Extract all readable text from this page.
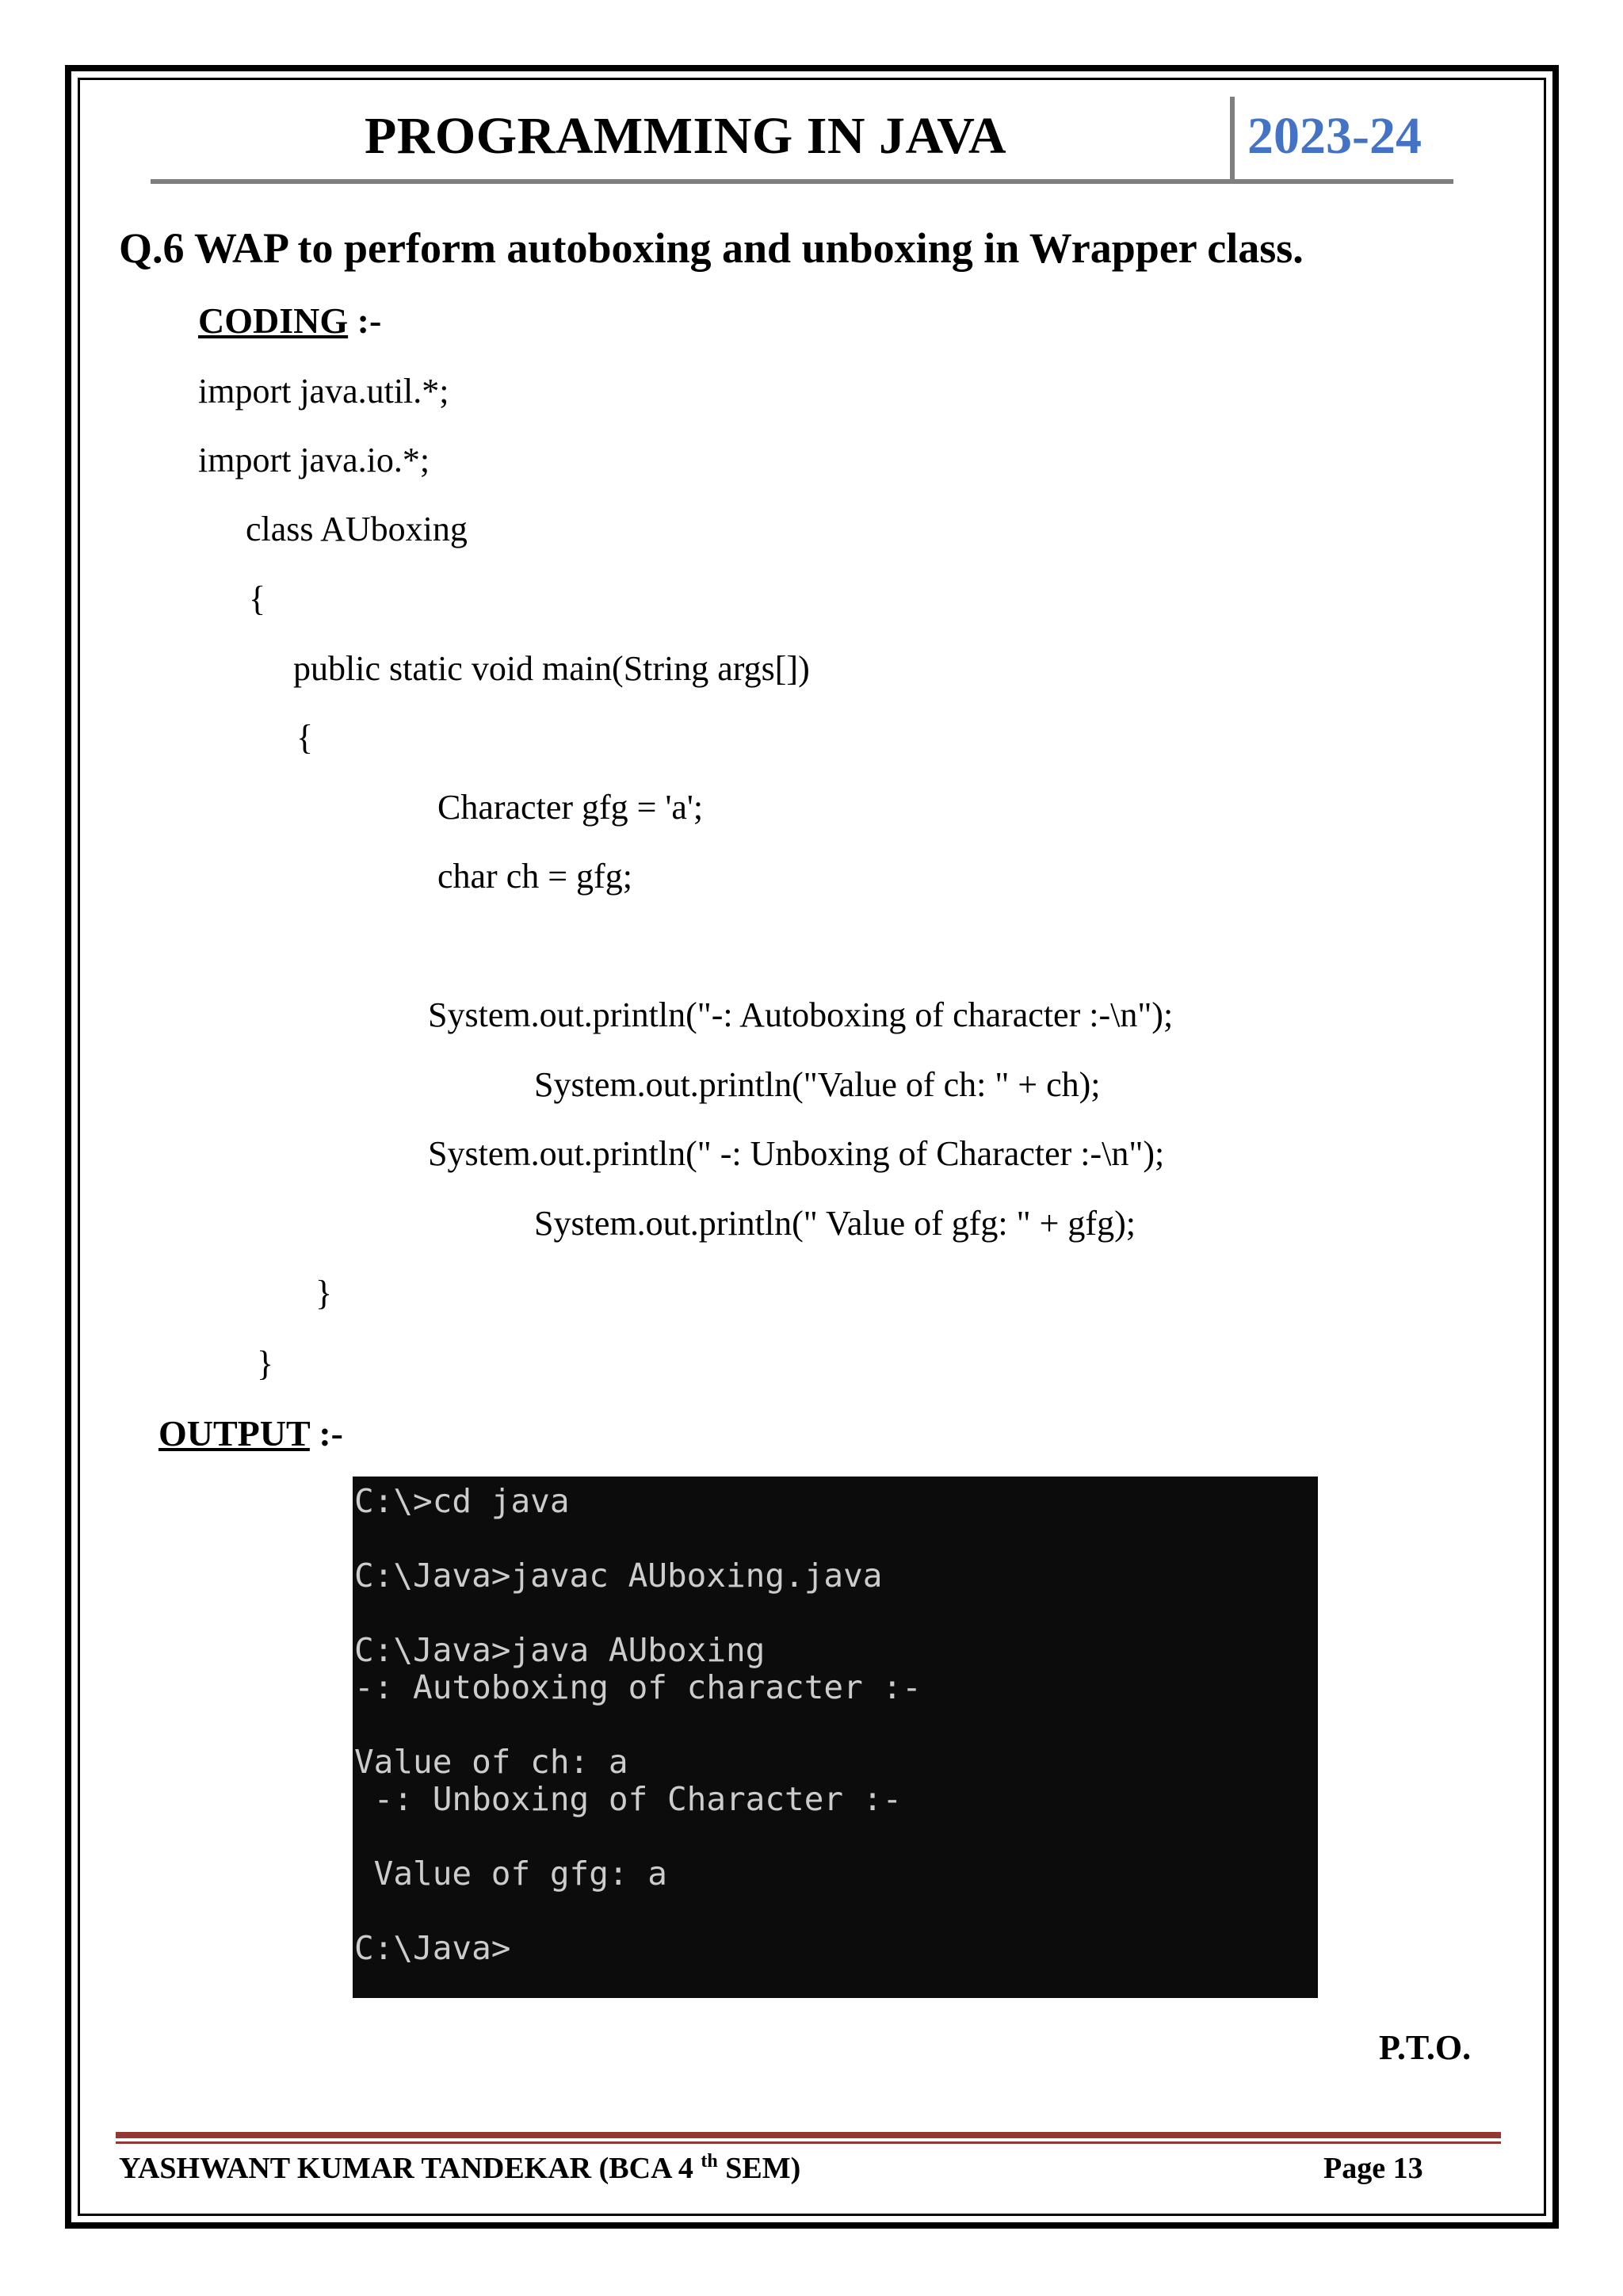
PROGRAMMING IN JAVA	2023-24
Q.6 WAP to perform autoboxing and unboxing in Wrapper class.
CODING :-
import java.util.*;
import java.io.*;
class AUboxing
{
public static void main(String args[])
{
Character gfg = 'a';
char ch = gfg;
System.out.println("-: Autoboxing of character :-\n");
System.out.println("Value of ch: " + ch);
System.out.println(" -: Unboxing of Character :-\n");
System.out.println(" Value of gfg: " + gfg);
}
}
OUTPUT :-
C:\>cd java
C:\Java>javac AUboxing.java
C:\Java>java AUboxing
-: Autoboxing of character :-
Value of ch: a
-: Unboxing of Character :-
Value of gfg: a
C:\Java>
P.T.O.
YASHWANT KUMAR TANDEKAR (BCA 4 $^{th}$ SEM)	Page 13
